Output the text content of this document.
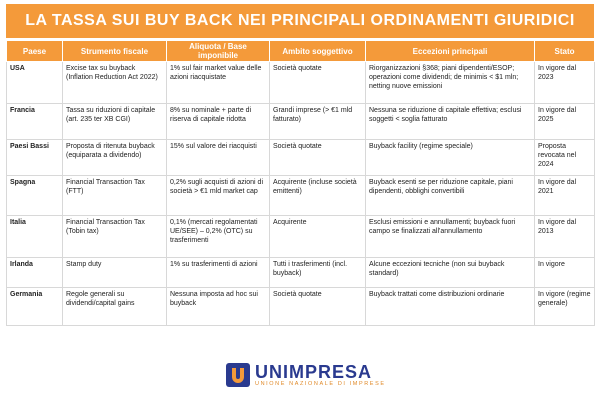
LA TASSA SUI BUY BACK NEI PRINCIPALI ORDINAMENTI GIURIDICI
Paese	Strumento fiscale	Aliquota / Base imponibile	Ambito soggettivo	Eccezioni principali	Stato
USA	Excise tax su buyback (Inflation Reduction Act 2022)	1% sul fair market value delle azioni riacquistate	Società quotate	Riorganizzazioni §368; piani dipendenti/ESOP; operazioni come dividendi; de minimis < $1 mln; netting nuove emissioni	In vigore dal 2023
Francia	Tassa su riduzioni di capitale (art. 235 ter XB CGI)	8% su nominale + parte di riserva di capitale ridotta	Grandi imprese (> €1 mld fatturato)	Nessuna se riduzione di capitale effettiva; esclusi soggetti < soglia fatturato	In vigore dal 2025
Paesi Bassi	Proposta di ritenuta buyback (equiparata a dividendo)	15% sul valore dei riacquisti	Società quotate	Buyback facility (regime speciale)	Proposta revocata nel 2024
Spagna	Financial Transaction Tax (FTT)	0,2% sugli acquisti di azioni di società > €1 mld market cap	Acquirente (incluse società emittenti)	Buyback esenti se per riduzione capitale, piani dipendenti, obblighi convertibili	In vigore dal 2021
Italia	Financial Transaction Tax (Tobin tax)	0,1% (mercati regolamentati UE/SEE) – 0,2% (OTC) su trasferimenti	Acquirente	Esclusi emissioni e annullamenti; buyback fuori campo se finalizzati all'annullamento	In vigore dal 2013
Irlanda	Stamp duty	1% su trasferimenti di azioni	Tutti i trasferimenti (incl. buyback)	Alcune eccezioni tecniche (non sui buyback standard)	In vigore
Germania	Regole generali su dividendi/capital gains	Nessuna imposta ad hoc sui buyback	Società quotate	Buyback trattati come distribuzioni ordinarie	In vigore (regime generale)
UNIMPRESA
UNIONE NAZIONALE DI IMPRESE
